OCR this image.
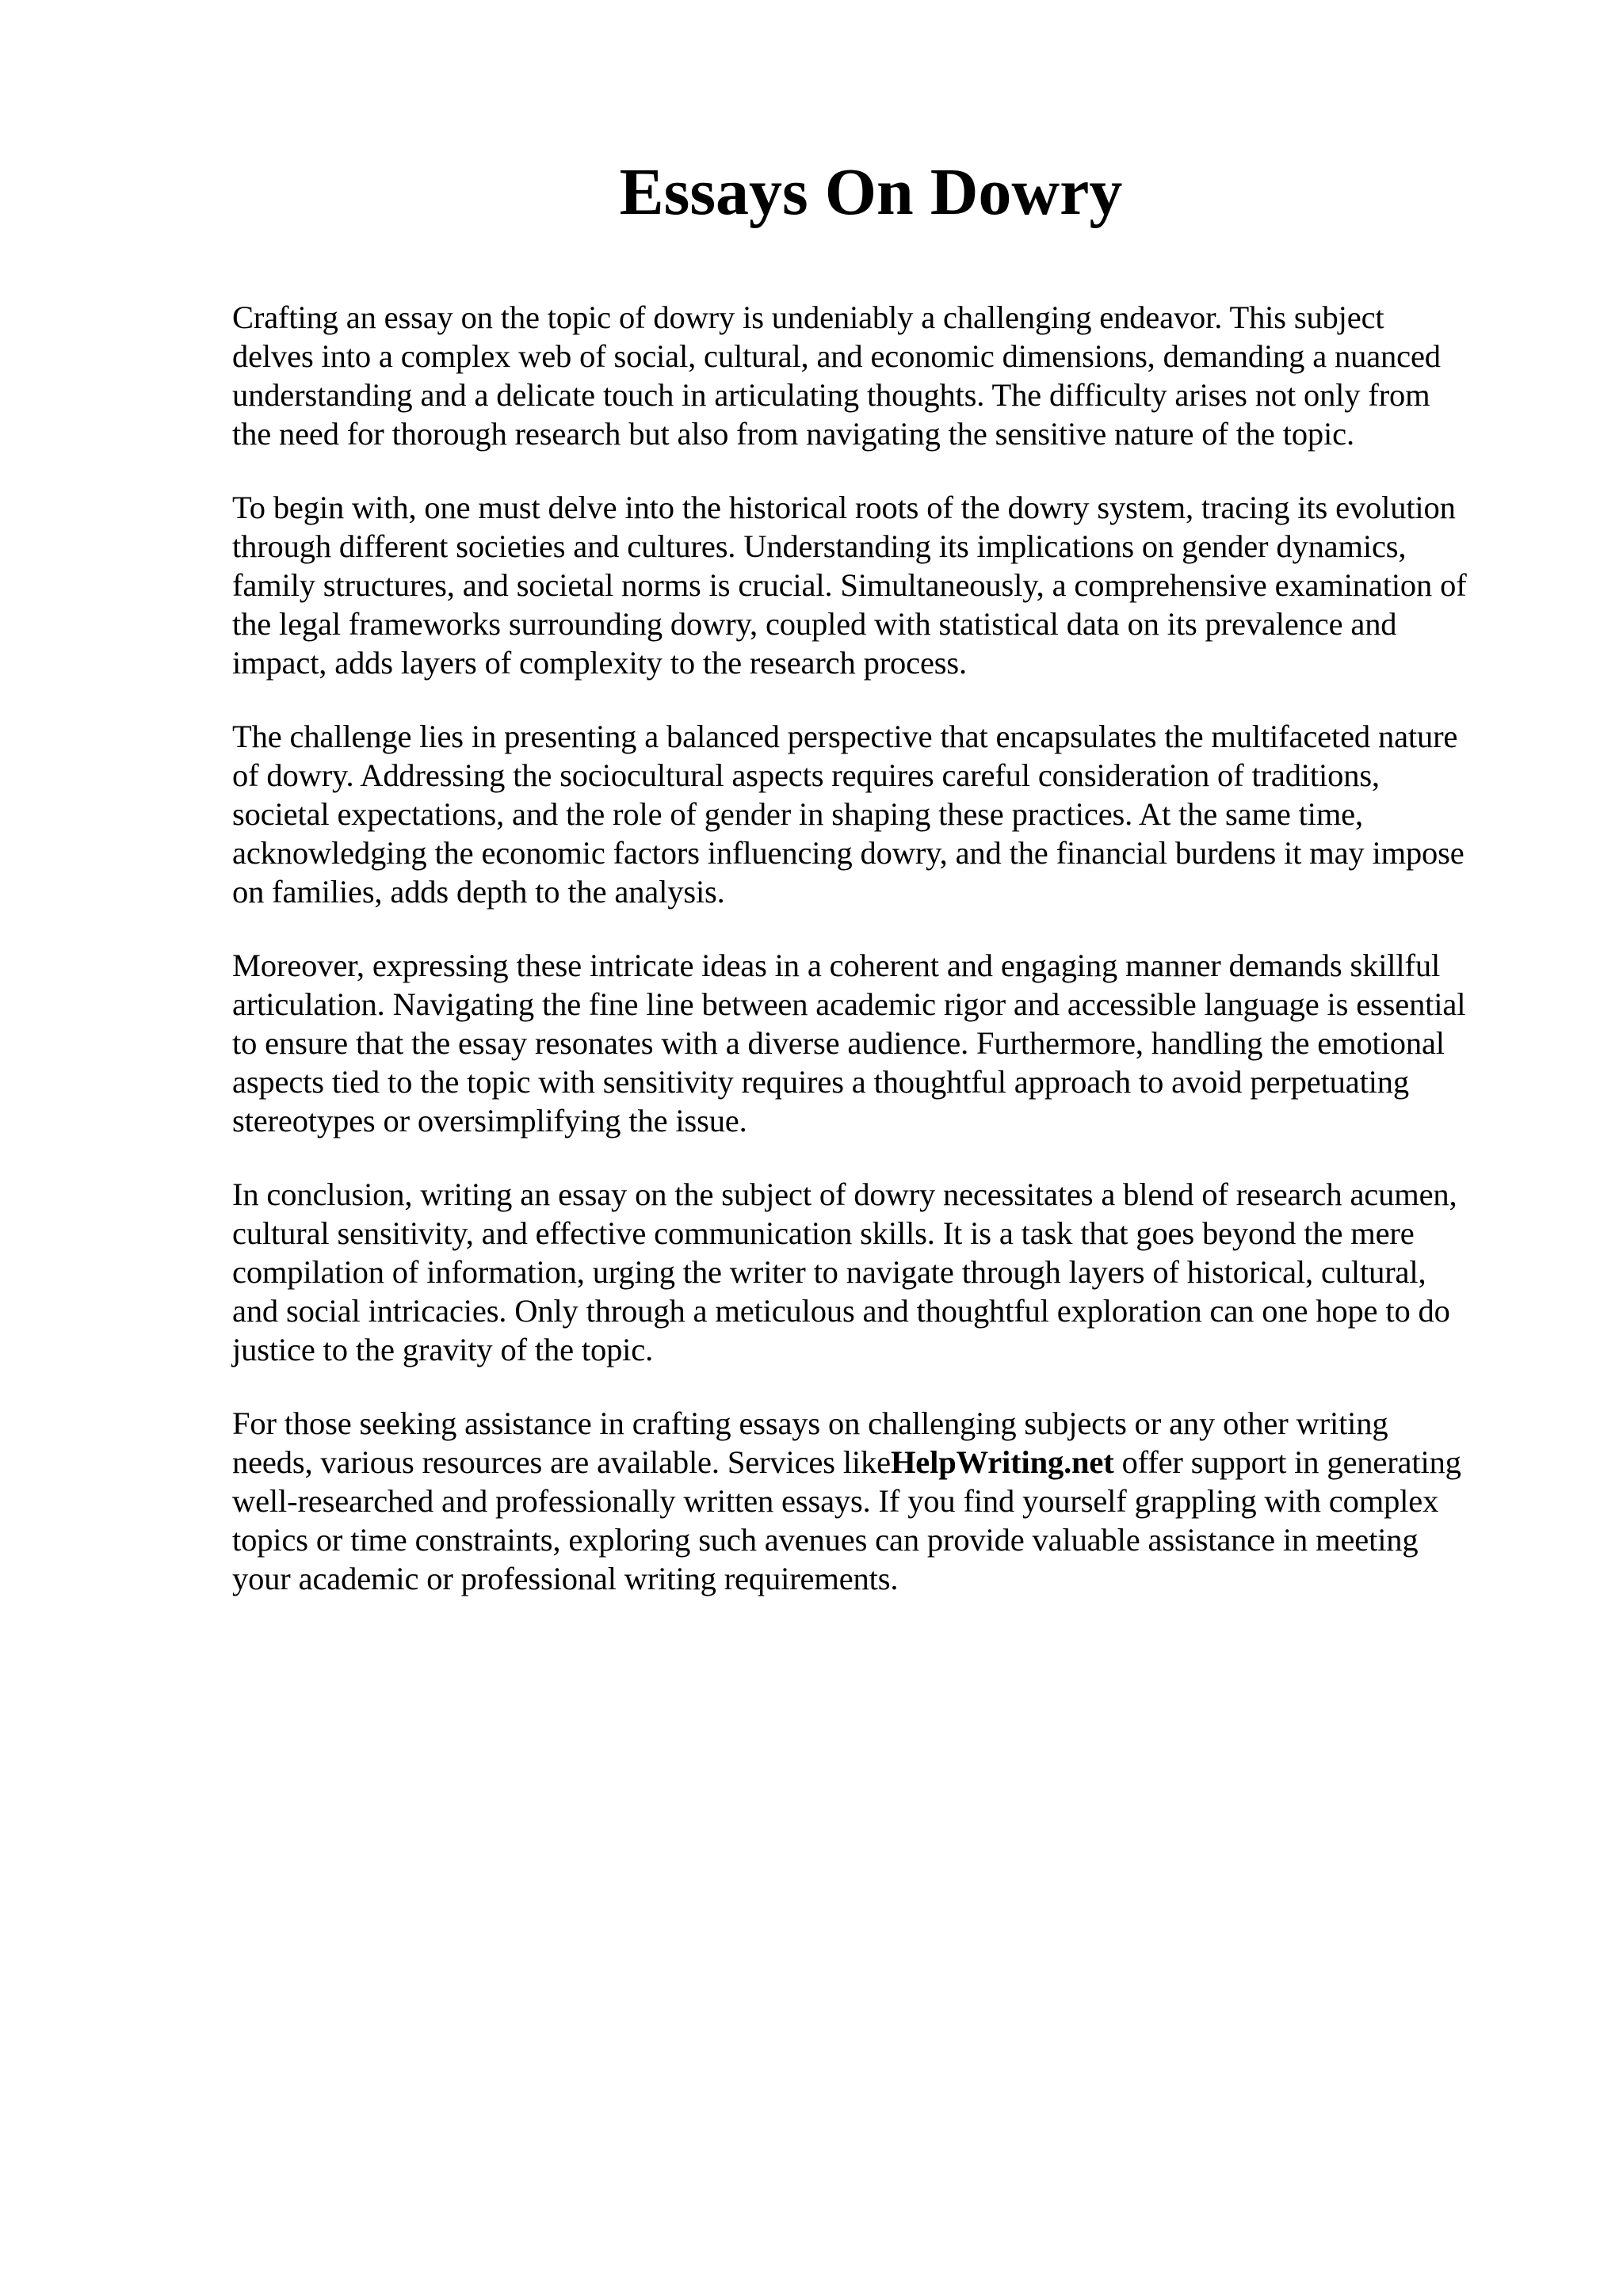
Essays On Dowry

Crafting an essay on the topic of dowry is undeniably a challenging endeavor. This subject
delves into a complex web of social, cultural, and economic dimensions, demanding a nuanced
understanding and a delicate touch in articulating thoughts. The difficulty arises not only from
the need for thorough research but also from navigating the sensitive nature of the topic.

To begin with, one must delve into the historical roots of the dowry system, tracing its evolution
through different societies and cultures. Understanding its implications on gender dynamics,
family structures, and societal norms is crucial. Simultaneously, a comprehensive examination of
the legal frameworks surrounding dowry, coupled with statistical data on its prevalence and
impact, adds layers of complexity to the research process.

The challenge lies in presenting a balanced perspective that encapsulates the multifaceted nature
of dowry. Addressing the sociocultural aspects requires careful consideration of traditions,
societal expectations, and the role of gender in shaping these practices. At the same time,
acknowledging the economic factors influencing dowry, and the financial burdens it may impose
on families, adds depth to the analysis.

Moreover, expressing these intricate ideas in a coherent and engaging manner demands skillful
articulation. Navigating the fine line between academic rigor and accessible language is essential
to ensure that the essay resonates with a diverse audience. Furthermore, handling the emotional
aspects tied to the topic with sensitivity requires a thoughtful approach to avoid perpetuating
stereotypes or oversimplifying the issue.

In conclusion, writing an essay on the subject of dowry necessitates a blend of research acumen,
cultural sensitivity, and effective communication skills. It is a task that goes beyond the mere
compilation of information, urging the writer to navigate through layers of historical, cultural,
and social intricacies. Only through a meticulous and thoughtful exploration can one hope to do
justice to the gravity of the topic.

For those seeking assistance in crafting essays on challenging subjects or any other writing
needs, various resources are available. Services likeHelpWriting.net offer support in generating
well-researched and professionally written essays. If you find yourself grappling with complex
topics or time constraints, exploring such avenues can provide valuable assistance in meeting
your academic or professional writing requirements.
